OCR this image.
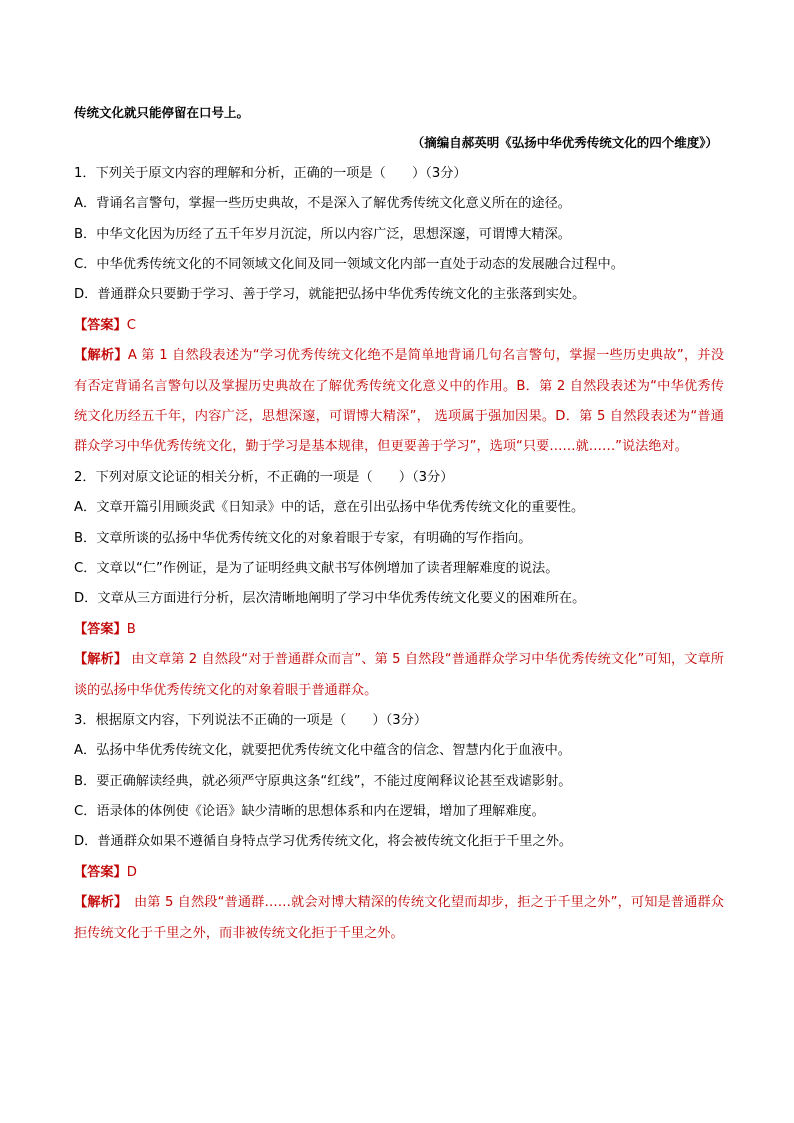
传统文化就只能停留在口号上。
（摘编自郝英明《弘扬中华优秀传统文化的四个维度》）
1．下列关于原文内容的理解和分析，正确的一项是（　　）（3分）
A．背诵名言警句，掌握一些历史典故，不是深入了解优秀传统文化意义所在的途径。
B．中华文化因为历经了五千年岁月沉淀，所以内容广泛，思想深邃，可谓博大精深。
C．中华优秀传统文化的不同领域文化间及同一领域文化内部一直处于动态的发展融合过程中。
D．普通群众只要勤于学习、善于学习，就能把弘扬中华优秀传统文化的主张落到实处。
【答案】C
【解析】A 第 1 自然段表述为“学习优秀传统文化绝不是简单地背诵几句名言警句，掌握一些历史典故”，并没有否定背诵名言警句以及掌握历史典故在了解优秀传统文化意义中的作用。B．第 2 自然段表述为“中华优秀传统文化历经五千年，内容广泛，思想深邃，可谓博大精深”， 选项属于强加因果。D．第 5 自然段表述为“普通群众学习中华优秀传统文化，勤于学习是基本规律，但更要善于学习”，选项“只要……就……”说法绝对。
2．下列对原文论证的相关分析，不正确的一项是（　　）（3分）
A．文章开篇引用顾炎武《日知录》中的话，意在引出弘扬中华优秀传统文化的重要性。
B．文章所谈的弘扬中华优秀传统文化的对象着眼于专家，有明确的写作指向。
C．文章以“仁”作例证，是为了证明经典文献书写体例增加了读者理解难度的说法。
D．文章从三方面进行分析，层次清晰地阐明了学习中华优秀传统文化要义的困难所在。
【答案】B
【解析】 由文章第 2 自然段“对于普通群众而言”、第 5 自然段“普通群众学习中华优秀传统文化”可知，文章所谈的弘扬中华优秀传统文化的对象着眼于普通群众。
3．根据原文内容，下列说法不正确的一项是（　　）（3分）
A．弘扬中华优秀传统文化，就要把优秀传统文化中蕴含的信念、智慧内化于血液中。
B．要正确解读经典，就必须严守原典这条“红线”，不能过度阐释议论甚至戏谑影射。
C．语录体的体例使《论语》缺少清晰的思想体系和内在逻辑，增加了理解难度。
D．普通群众如果不遵循自身特点学习优秀传统文化，将会被传统文化拒于千里之外。
【答案】D
【解析】　由第 5 自然段“普通群……就会对博大精深的传统文化望而却步，拒之于千里之外”，可知是普通群众拒传统文化于千里之外，而非被传统文化拒于千里之外。
